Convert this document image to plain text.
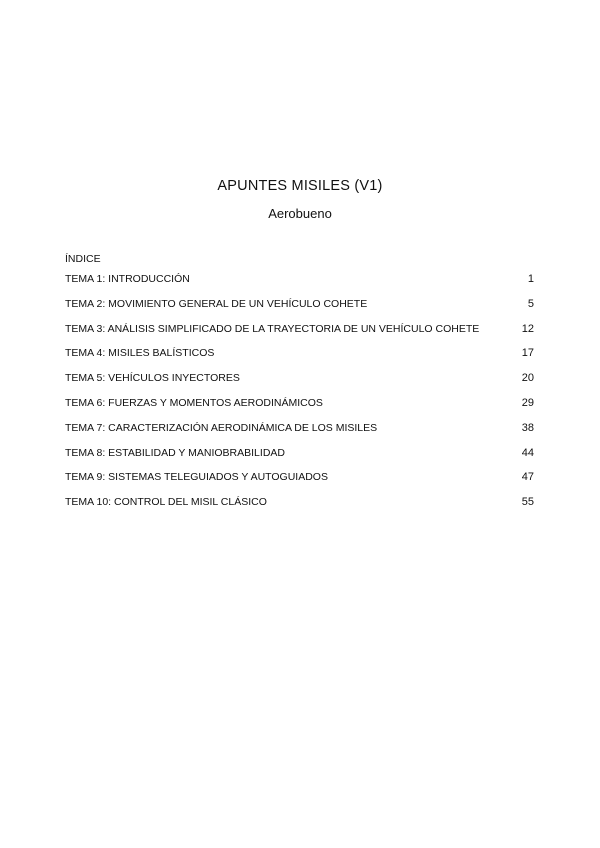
APUNTES MISILES (V1)
Aerobueno
ÍNDICE
TEMA 1: INTRODUCCIÓN	1
TEMA 2: MOVIMIENTO GENERAL DE UN VEHÍCULO COHETE	5
TEMA 3: ANÁLISIS SIMPLIFICADO DE LA TRAYECTORIA DE UN VEHÍCULO COHETE	12
TEMA 4: MISILES BALÍSTICOS	17
TEMA 5: VEHÍCULOS INYECTORES	20
TEMA 6: FUERZAS Y MOMENTOS AERODINÁMICOS	29
TEMA 7: CARACTERIZACIÓN AERODINÁMICA DE LOS MISILES	38
TEMA 8: ESTABILIDAD Y MANIOBRABILIDAD	44
TEMA 9: SISTEMAS TELEGUIADOS Y AUTOGUIADOS	47
TEMA 10: CONTROL DEL MISIL CLÁSICO	55
